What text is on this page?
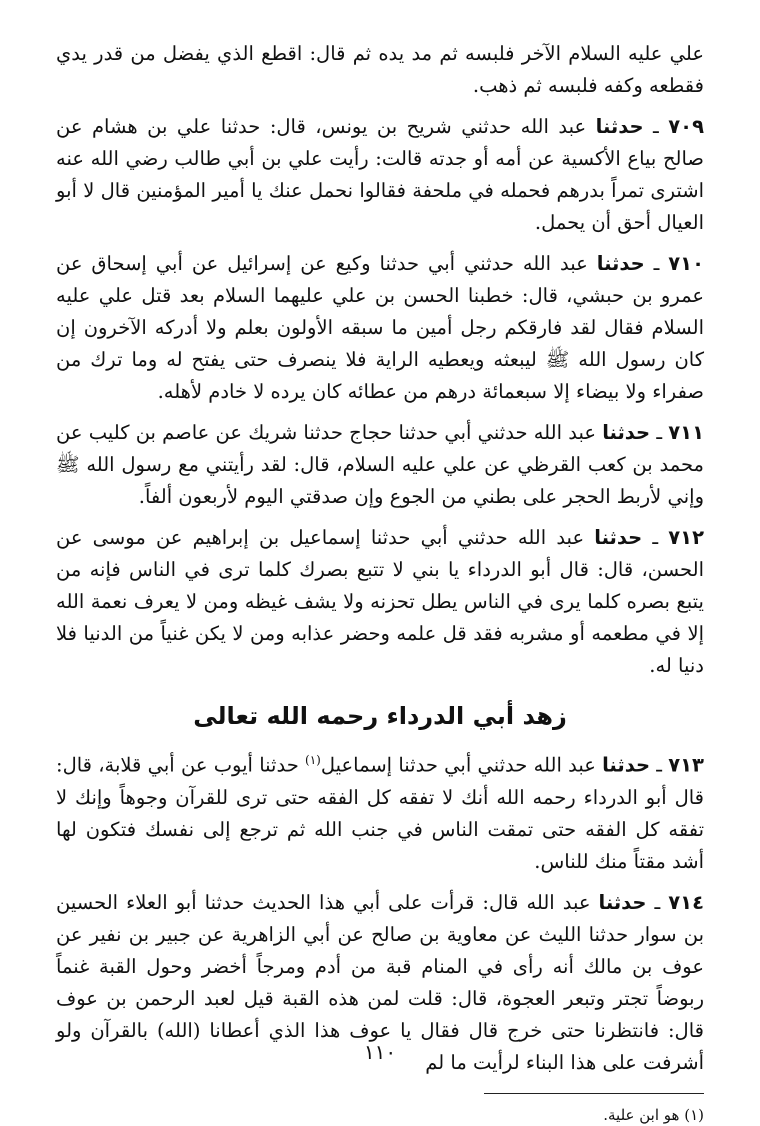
علي عليه السلام الآخر فلبسه ثم مد يده ثم قال: اقطع الذي يفضل من قدر يدي فقطعه وكفه فلبسه ثم ذهب.

٧٠٩ ـ حدثنا عبد الله حدثني شريح بن يونس، قال: حدثنا علي بن هشام عن صالح بياع الأكسية عن أمه أو جدته قالت: رأيت علي بن أبي طالب رضي الله عنه اشترى تمراً بدرهم فحمله في ملحفة فقالوا نحمل عنك يا أمير المؤمنين قال لا أبو العيال أحق أن يحمل.

٧١٠ ـ حدثنا عبد الله حدثني أبي حدثنا وكيع عن إسرائيل عن أبي إسحاق عن عمرو بن حبشي، قال: خطبنا الحسن بن علي عليهما السلام بعد قتل علي عليه السلام فقال لقد فارقكم رجل أمين ما سبقه الأولون بعلم ولا أدركه الآخرون إن كان رسول الله ﷺ ليبعثه ويعطيه الراية فلا ينصرف حتى يفتح له وما ترك من صفراء ولا بيضاء إلا سبعمائة درهم من عطائه كان يرده لا خادم لأهله.

٧١١ ـ حدثنا عبد الله حدثني أبي حدثنا حجاج حدثنا شريك عن عاصم بن كليب عن محمد بن كعب القرظي عن علي عليه السلام، قال: لقد رأيتني مع رسول الله ﷺ وإني لأربط الحجر على بطني من الجوع وإن صدقتي اليوم لأربعون ألفاً.

٧١٢ ـ حدثنا عبد الله حدثني أبي حدثنا إسماعيل بن إبراهيم عن موسى عن الحسن، قال: قال أبو الدرداء يا بني لا تتبع بصرك كلما ترى في الناس فإنه من يتبع بصره كلما يرى في الناس يطل تحزنه ولا يشف غيظه ومن لا يعرف نعمة الله إلا في مطعمه أو مشربه فقد قل علمه وحضر عذابه ومن لا يكن غنياً من الدنيا فلا دنيا له.

زهد أبي الدرداء رحمه الله تعالى

٧١٣ ـ حدثنا عبد الله حدثني أبي حدثنا إسماعيل$^{(١)}$ حدثنا أيوب عن أبي قلابة، قال: قال أبو الدرداء رحمه الله أنك لا تفقه كل الفقه حتى ترى للقرآن وجوهاً وإنك لا تفقه كل الفقه حتى تمقت الناس في جنب الله ثم ترجع إلى نفسك فتكون لها أشد مقتاً منك للناس.

٧١٤ ـ حدثنا عبد الله قال: قرأت على أبي هذا الحديث حدثنا أبو العلاء الحسين بن سوار حدثنا الليث عن معاوية بن صالح عن أبي الزاهرية عن جبير بن نفير عن عوف بن مالك أنه رأى في المنام قبة من أدم ومرجاً أخضر وحول القبة غنماً ربوضاً تجتر وتبعر العجوة، قال: قلت لمن هذه القبة قيل لعبد الرحمن بن عوف قال: فانتظرنا حتى خرج قال فقال يا عوف هذا الذي أعطانا (الله) بالقرآن ولو أشرفت على هذا البناء لرأيت ما لم

(١) هو ابن علية.
١١٠
